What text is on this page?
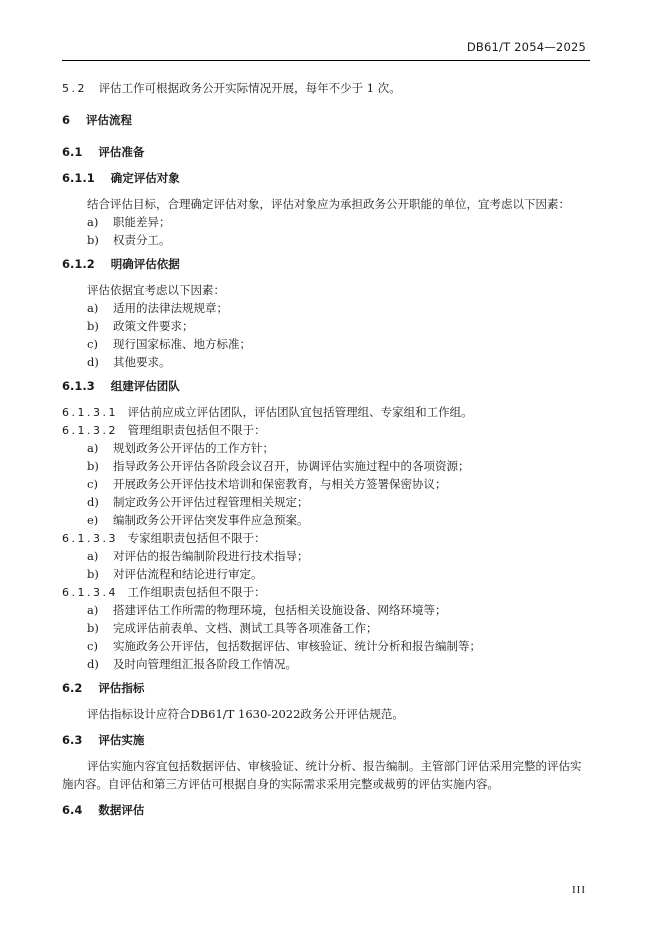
DB61/T 2054—2025
5.2 评估工作可根据政务公开实际情况开展，每年不少于 1 次。
6 评估流程
6.1 评估准备
6.1.1 确定评估对象
结合评估目标，合理确定评估对象，评估对象应为承担政务公开职能的单位，宜考虑以下因素：
a) 职能差异；
b) 权责分工。
6.1.2 明确评估依据
评估依据宜考虑以下因素：
a) 适用的法律法规规章；
b) 政策文件要求；
c) 现行国家标准、地方标准；
d) 其他要求。
6.1.3 组建评估团队
6.1.3.1 评估前应成立评估团队，评估团队宜包括管理组、专家组和工作组。
6.1.3.2 管理组职责包括但不限于：
a) 规划政务公开评估的工作方针；
b) 指导政务公开评估各阶段会议召开，协调评估实施过程中的各项资源；
c) 开展政务公开评估技术培训和保密教育，与相关方签署保密协议；
d) 制定政务公开评估过程管理相关规定；
e) 编制政务公开评估突发事件应急预案。
6.1.3.3 专家组职责包括但不限于：
a) 对评估的报告编制阶段进行技术指导；
b) 对评估流程和结论进行审定。
6.1.3.4 工作组职责包括但不限于：
a) 搭建评估工作所需的物理环境，包括相关设施设备、网络环境等；
b) 完成评估前表单、文档、测试工具等各项准备工作；
c) 实施政务公开评估，包括数据评估、审核验证、统计分析和报告编制等；
d) 及时向管理组汇报各阶段工作情况。
6.2 评估指标
评估指标设计应符合DB61/T 1630-2022政务公开评估规范。
6.3 评估实施
评估实施内容宜包括数据评估、审核验证、统计分析、报告编制。主管部门评估采用完整的评估实施内容。自评估和第三方评估可根据自身的实际需求采用完整或裁剪的评估实施内容。
6.4 数据评估
III
